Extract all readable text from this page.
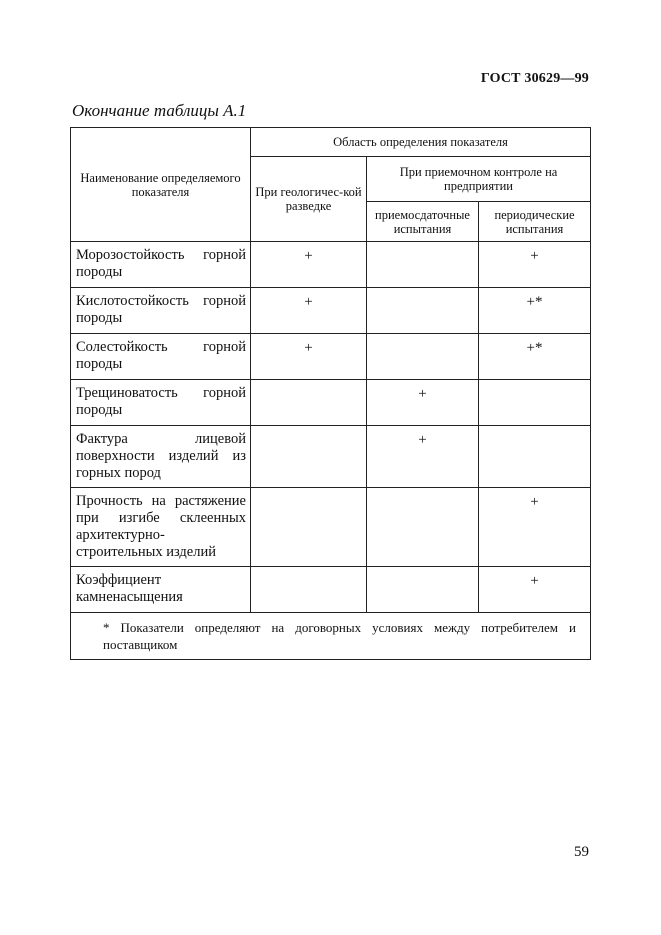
ГОСТ 30629—99
Окончание таблицы А.1
Наименование определяемого показателя	Область определения показателя		
	При геологичес-кой разведке	При приемочном контроле на предприятии	
		приемосдаточные испытания	периодические испытания
Морозостойкость горной породы	+		+
Кислотостойкость горной породы	+		+*
Солестойкость горной породы	+		+*
Трещиноватость горной породы		+	
Фактура лицевой поверхности изделий из горных пород		+	
Прочность на растяжение при изгибе склеенных архитектурно-строительных изделий			+
Коэффициент камненасыщения			+
* Показатели определяют на договорных условиях между потребителем и поставщиком			
59
